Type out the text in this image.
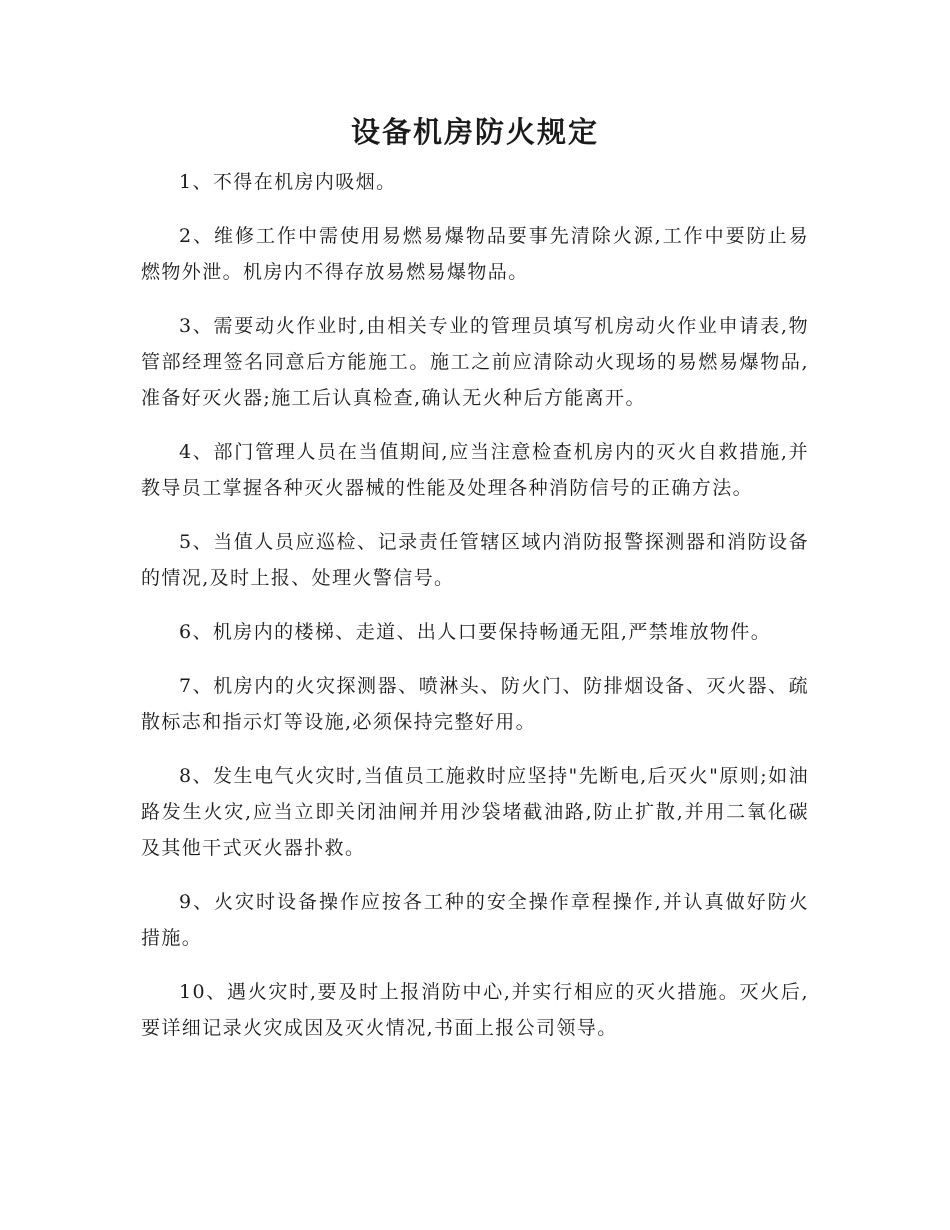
设备机房防火规定

1、不得在机房内吸烟。

2、维修工作中需使用易燃易爆物品要事先清除火源,工作中要防止易燃物外泄。机房内不得存放易燃易爆物品。

3、需要动火作业时,由相关专业的管理员填写机房动火作业申请表,物管部经理签名同意后方能施工。施工之前应清除动火现场的易燃易爆物品,准备好灭火器;施工后认真检查,确认无火种后方能离开。

4、部门管理人员在当值期间,应当注意检查机房内的灭火自救措施,并教导员工掌握各种灭火器械的性能及处理各种消防信号的正确方法。

5、当值人员应巡检、记录责任管辖区域内消防报警探测器和消防设备的情况,及时上报、处理火警信号。

6、机房内的楼梯、走道、出人口要保持畅通无阻,严禁堆放物件。

7、机房内的火灾探测器、喷淋头、防火门、防排烟设备、灭火器、疏散标志和指示灯等设施,必须保持完整好用。

8、发生电气火灾时,当值员工施救时应坚持"先断电,后灭火"原则;如油路发生火灾,应当立即关闭油闸并用沙袋堵截油路,防止扩散,并用二氧化碳及其他干式灭火器扑救。

9、火灾时设备操作应按各工种的安全操作章程操作,并认真做好防火措施。

10、遇火灾时,要及时上报消防中心,并实行相应的灭火措施。灭火后,要详细记录火灾成因及灭火情况,书面上报公司领导。
